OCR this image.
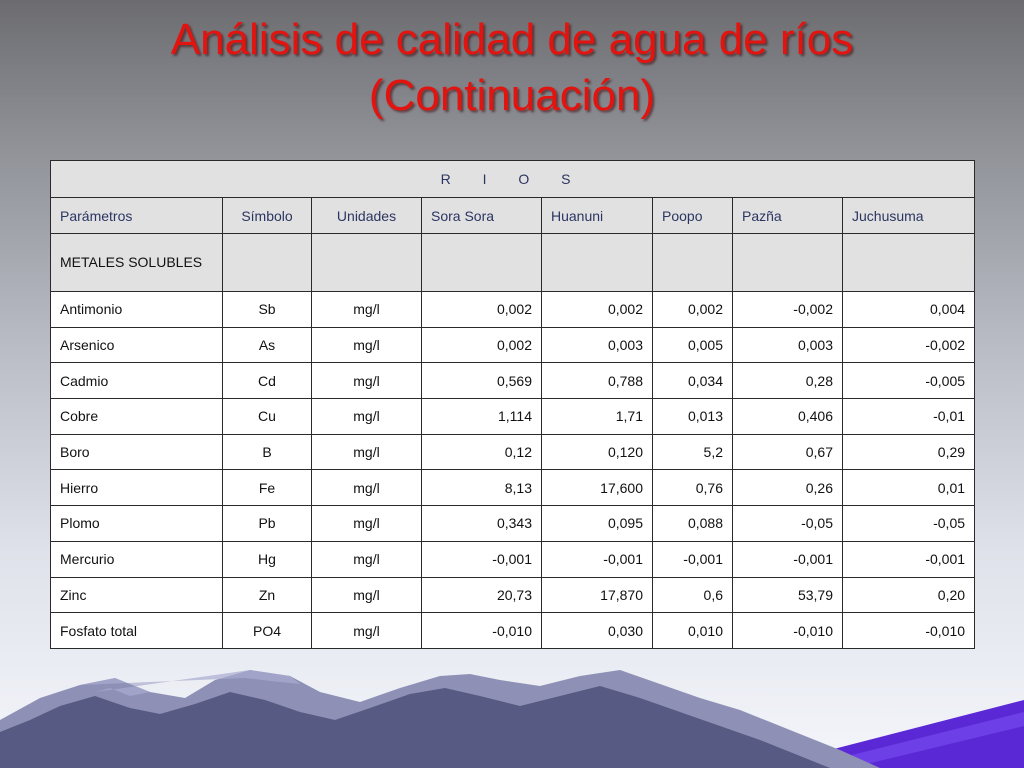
Análisis de calidad de agua de ríos
(Continuación)
R I O S							
Parámetros	Símbolo	Unidades	Sora Sora	Huanuni	Poopo	Pazña	Juchusuma
METALES SOLUBLES							
Antimonio	Sb	mg/l	0,002	0,002	0,002	-0,002	0,004
Arsenico	As	mg/l	0,002	0,003	0,005	0,003	-0,002
Cadmio	Cd	mg/l	0,569	0,788	0,034	0,28	-0,005
Cobre	Cu	mg/l	1,114	1,71	0,013	0,406	-0,01
Boro	B	mg/l	0,12	0,120	5,2	0,67	0,29
Hierro	Fe	mg/l	8,13	17,600	0,76	0,26	0,01
Plomo	Pb	mg/l	0,343	0,095	0,088	-0,05	-0,05
Mercurio	Hg	mg/l	-0,001	-0,001	-0,001	-0,001	-0,001
Zinc	Zn	mg/l	20,73	17,870	0,6	53,79	0,20
Fosfato total	PO4	mg/l	-0,010	0,030	0,010	-0,010	-0,010
